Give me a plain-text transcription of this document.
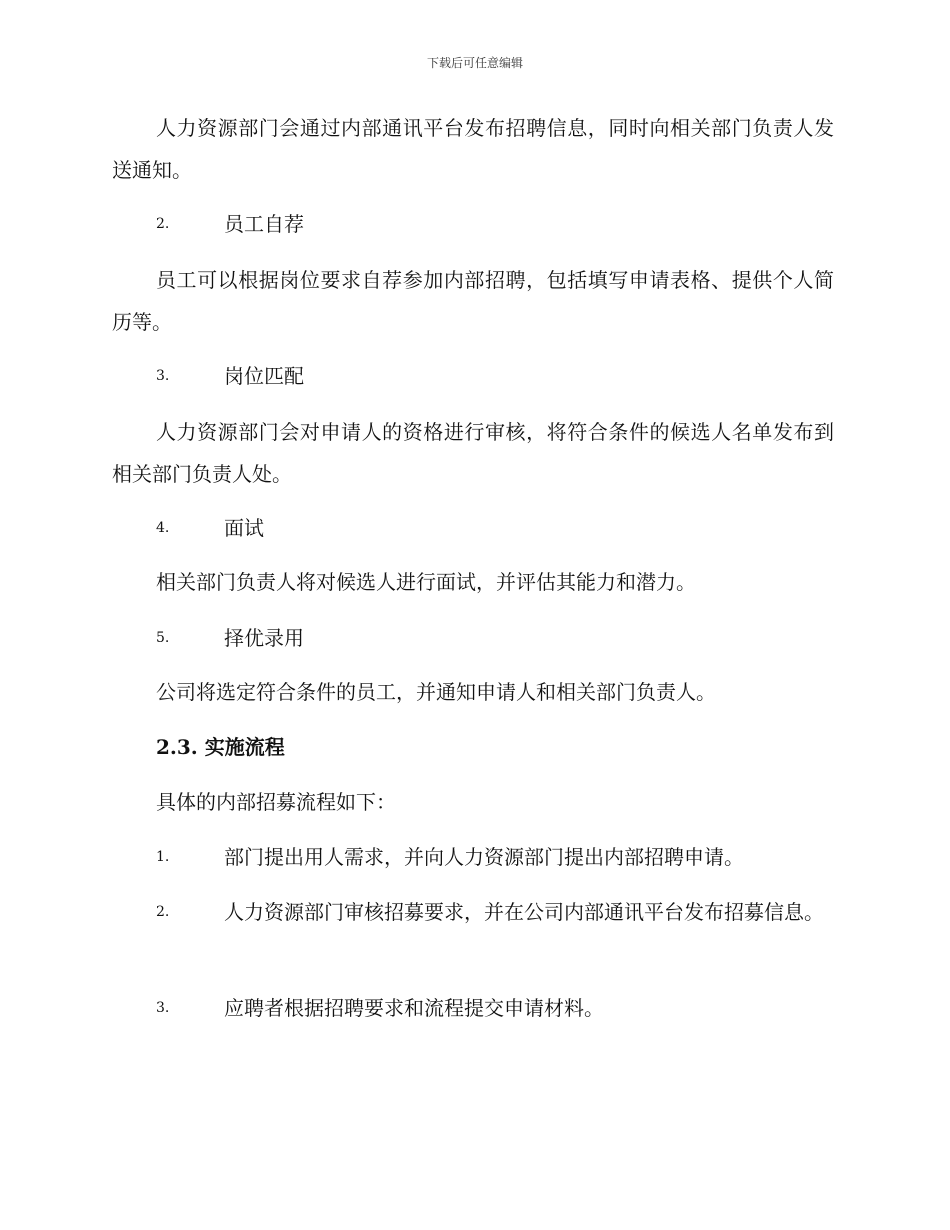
下载后可任意编辑

人力资源部门会通过内部通讯平台发布招聘信息，同时向相关部门负责人发送通知。

2.	员工自荐

员工可以根据岗位要求自荐参加内部招聘，包括填写申请表格、提供个人简历等。

3.	岗位匹配

人力资源部门会对申请人的资格进行审核，将符合条件的候选人名单发布到相关部门负责人处。

4.	面试

相关部门负责人将对候选人进行面试，并评估其能力和潜力。

5.	择优录用

公司将选定符合条件的员工，并通知申请人和相关部门负责人。

2.3. 实施流程

具体的内部招募流程如下：

1.	部门提出用人需求，并向人力资源部门提出内部招聘申请。
2.	人力资源部门审核招募要求，并在公司内部通讯平台发布招募信息。
3.	应聘者根据招聘要求和流程提交申请材料。
